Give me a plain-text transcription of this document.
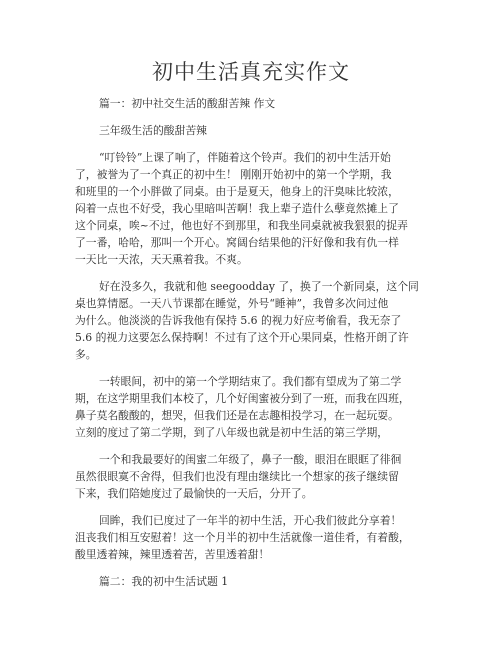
初中生活真充实作文
篇一：初中社交生活的酸甜苦辣 作文
三年级生活的酸甜苦辣
“叮铃铃”上课了响了，伴随着这个铃声。我们的初中生活开始
了，被誉为了一个真正的初中生！ 刚刚开始初中的第一个学期，我
和班里的一个小胖做了同桌。由于是夏天，他身上的汗臭味比较浓，
闷着一点也不好受，我心里暗叫苦啊！我上辈子造什么孽竟然摊上了
这个同桌，唉~不过，他也好不到那里，和我坐同桌就被我狠狠的捉弄
了一番，哈哈，那叫一个开心。窝阔台结果他的汗好像和我有仇一样
一天比一天浓，天天熏着我。不爽。
好在没多久，我就和他 seegoodday 了，换了一个新同桌，这个同
桌也算情愿。一天八节课都在睡觉，外号“睡神”，我曾多次问过他
为什么。他淡淡的告诉我他有保持 5.6 的视力好应考偷看，我无奈了
5.6 的视力这要怎么保持啊！不过有了这个开心果同桌，性格开朗了许
多。
一转眼间，初中的第一个学期结束了。我们都有望成为了第二学
期，在这学期里我们本校了，几个好闺蜜被分到了一班，而我在四班，
鼻子莫名酸酸的，想哭，但我们还是在志趣相投学习，在一起玩耍。
立刻的度过了第二学期，到了八年级也就是初中生活的第三学期，
一个和我最要好的闺蜜二年级了，鼻子一酸，眼泪在眼眶了徘徊
虽然很眼寞不舍得，但我们也没有理由继续比一个想家的孩子继续留
下来，我们陪她度过了最愉快的一天后，分开了。
回眸，我们已度过了一年半的初中生活，开心我们彼此分享着！
沮丧我们相互安慰着！这一个月半的初中生活就像一道佳肴，有着酸，
酸里透着辣，辣里透着苦，苦里透着甜！
篇二：我的初中生活试题 1
